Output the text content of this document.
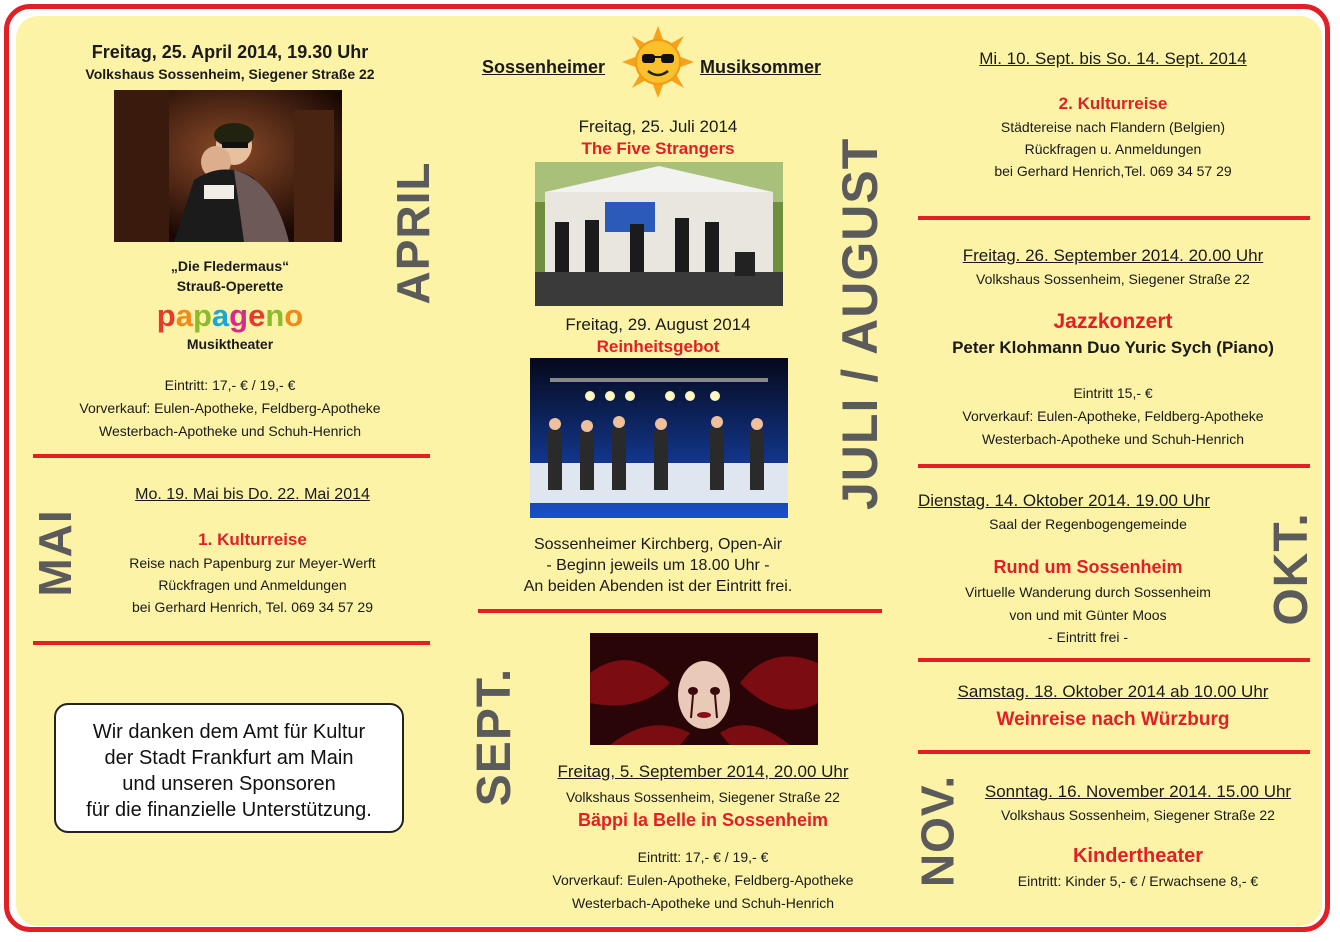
Freitag, 25. April 2014, 19.30 Uhr
Volkshaus Sossenheim, Siegener Straße 22
„Die Fledermaus“
Strauß-Operette
papageno
Musiktheater
Eintritt: 17,- € / 19,- €
Vorverkauf: Eulen-Apotheke, Feldberg-Apotheke
Westerbach-Apotheke und Schuh-Henrich
APRIL
Mo. 19. Mai bis Do. 22. Mai 2014
1. Kulturreise
Reise nach Papenburg zur Meyer-Werft
Rückfragen und Anmeldungen
bei Gerhard Henrich, Tel. 069 34 57 29
MAI
Wir danken dem Amt für Kultur
der Stadt Frankfurt am Main
und unseren Sponsoren
für die finanzielle Unterstützung.
Sossenheimer	Musiksommer
Freitag, 25. Juli 2014
The Five Strangers
Freitag, 29. August 2014
Reinheitsgebot
Sossenheimer Kirchberg, Open-Air
- Beginn jeweils um 18.00 Uhr -
An beiden Abenden ist der Eintritt frei.
JULI / AUGUST
Freitag, 5. September 2014, 20.00 Uhr
Volkshaus Sossenheim, Siegener Straße 22
Bäppi la Belle in Sossenheim
Eintritt: 17,- € / 19,- €
Vorverkauf: Eulen-Apotheke, Feldberg-Apotheke
Westerbach-Apotheke und Schuh-Henrich
SEPT.
Mi. 10. Sept. bis So. 14. Sept. 2014
2. Kulturreise
Städtereise nach Flandern (Belgien)
Rückfragen u. Anmeldungen
bei Gerhard Henrich,Tel. 069 34 57 29
Freitag. 26. September 2014. 20.00 Uhr
Volkshaus Sossenheim, Siegener Straße 22
Jazzkonzert
Peter Klohmann Duo Yuric Sych (Piano)
Eintritt 15,- €
Vorverkauf: Eulen-Apotheke, Feldberg-Apotheke
Westerbach-Apotheke und Schuh-Henrich
Dienstag. 14. Oktober 2014. 19.00 Uhr
Saal der Regenbogengemeinde
Rund um Sossenheim
Virtuelle Wanderung durch Sossenheim
von und mit Günter Moos
- Eintritt frei -
OKT.
Samstag. 18. Oktober 2014 ab 10.00 Uhr
Weinreise nach Würzburg
Sonntag. 16. November 2014. 15.00 Uhr
Volkshaus Sossenheim, Siegener Straße 22
Kindertheater
Eintritt: Kinder 5,- € / Erwachsene 8,- €
NOV.
